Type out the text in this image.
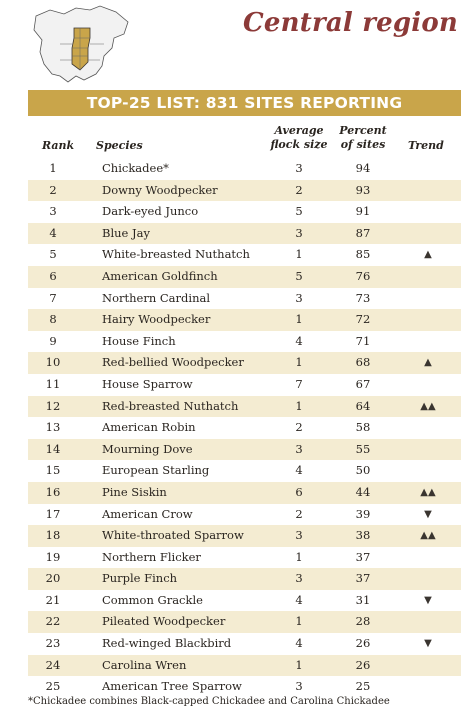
Central region
TOP-25 LIST: 831 SITES REPORTING
Rank Species
Average
flock size
Percent
of sites	Trend
1	Chickadee*	3	94
2	Downy Woodpecker	2	93
3	Dark-eyed Junco	5	91
4	Blue Jay	3	87
5	White-breasted Nuthatch	1	85	▲
6	American Goldfinch	5	76
7	Northern Cardinal	3	73
8	Hairy Woodpecker	1	72
9	House Finch	4	71
10	Red-bellied Woodpecker	1	68	▲
11	House Sparrow	7	67
12	Red-breasted Nuthatch	1	64	▲▲
13	American Robin	2	58
14	Mourning Dove	3	55
15	European Starling	4	50
16	Pine Siskin	6	44	▲▲
17	American Crow	2	39	▼
18	White-throated Sparrow	3	38	▲▲
19	Northern Flicker	1	37
20	Purple Finch	3	37
21	Common Grackle	4	31	▼
22	Pileated Woodpecker	1	28
23	Red-winged Blackbird	4	26	▼
24	Carolina Wren	1	26
25	American Tree Sparrow	3	25
*Chickadee combines Black-capped Chickadee and Carolina Chickadee
